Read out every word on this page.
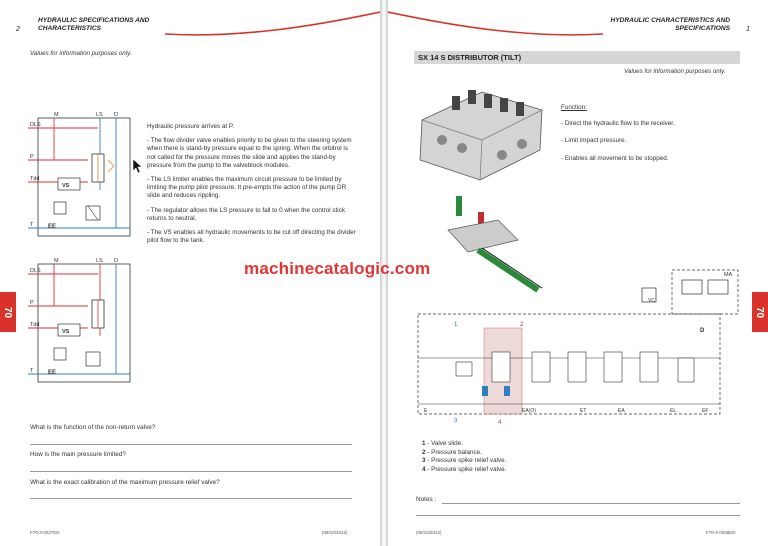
2
HYDRAULIC SPECIFICATIONS AND CHARACTERISTICS
Values for information purposes only.
M	LS D
DLS
P
Tdd
T
VS
EE
M	LS D
DLS
P
Tdd
T
VS
EE

Hydraulic pressure arrives at P.

- The flow divider valve enables priority to be given to the steering system when there is stand-by pressure equal to the spring. When the orbitrol is not called for the pressure moves the slide and applies the stand-by pressure from the pump to the valveblock modules.

- The LS limiter enables the maximum circuit pressure to be limited by limiting the pump pilot pressure. It pre-empts the action of the pump DR slide and reduces rippling.

- The regulator allows the LS pressure to fall to 0 when the control stick returns to neutral.

- The VS enables all hydraulic movements to be cut off directing the divider pilot flow to the tank.

70
What is the function of the non-return valve?
How is the main pressure limited?
What is the exact calibration of the maximum pressure relief valve?
F70-3-0027EN	(08/10/2012)
HYDRAULIC CHARACTERISTICS AND SPECIFICATIONS 1
SX 14 S DISTRIBUTOR (TILT)
Values for information purposes only.
Function:
- Direct the hydraulic flow to the receiver.
- Limit impact pressure.
- Enables all movement to be stopped.
MA
VC
1	2
3	4
D
E	EA(O)	ET	EA	EL	EF
70
1 - Valve slide.
2 - Pressure balance.
3 - Pressure spike relief valve.
4 - Pressure spike relief valve.
Notes :
(08/10/2012)	F70-3-0038EN
machinecatalogic.com
